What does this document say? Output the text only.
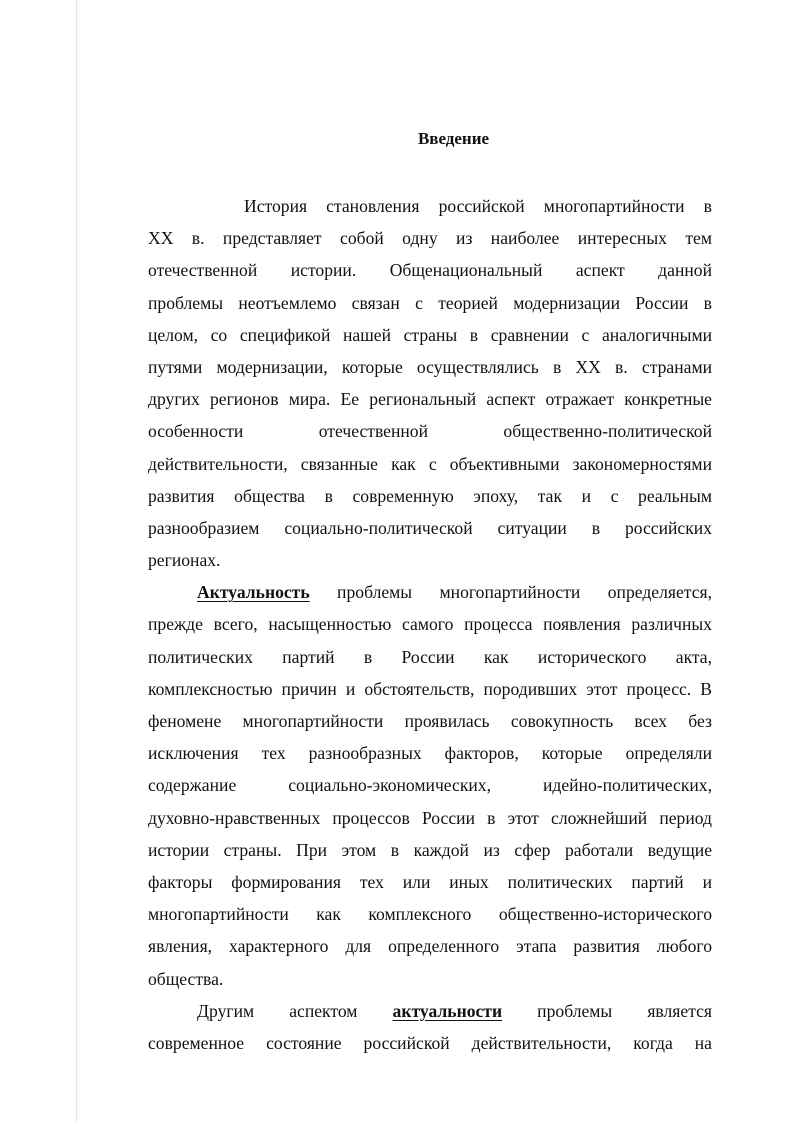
Введение
История становления российской многопартийности в
ХХ в. представляет собой одну из наиболее интересных тем
отечественной истории. Общенациональный аспект данной
проблемы неотъемлемо связан с теорией модернизации России в
целом, со спецификой нашей страны в сравнении с аналогичными
путями модернизации, которые осуществлялись в ХХ в. странами
других регионов мира. Ее региональный аспект отражает конкретные
особенности отечественной общественно-политической
действительности, связанные как с объективными закономерностями
развития общества в современную эпоху, так и с реальным
разнообразием социально-политической ситуации в российских
регионах.
Актуальность проблемы многопартийности определяется,
прежде всего, насыщенностью самого процесса появления различных
политических партий в России как исторического акта,
комплексностью причин и обстоятельств, породивших этот процесс. В
феномене многопартийности проявилась совокупность всех без
исключения тех разнообразных факторов, которые определяли
содержание социально-экономических, идейно-политических,
духовно-нравственных процессов России в этот сложнейший период
истории страны. При этом в каждой из сфер работали ведущие
факторы формирования тех или иных политических партий и
многопартийности как комплексного общественно-исторического
явления, характерного для определенного этапа развития любого
общества.
Другим аспектом актуальности проблемы является
современное состояние российской действительности, когда на
